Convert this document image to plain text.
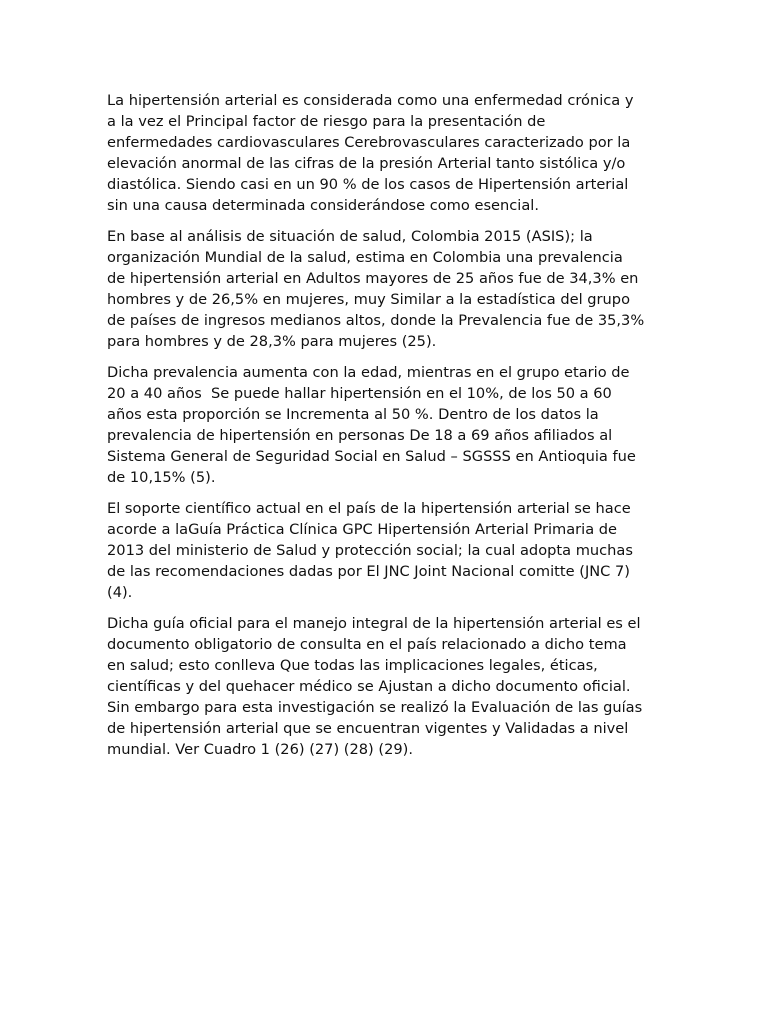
La hipertensión arterial es considerada como una enfermedad crónica y
a la vez el Principal factor de riesgo para la presentación de
enfermedades cardiovasculares Cerebrovasculares caracterizado por la
elevación anormal de las cifras de la presión Arterial tanto sistólica y/o
diastólica. Siendo casi en un 90 % de los casos de Hipertensión arterial
sin una causa determinada considerándose como esencial.

En base al análisis de situación de salud, Colombia 2015 (ASIS); la
organización Mundial de la salud, estima en Colombia una prevalencia
de hipertensión arterial en Adultos mayores de 25 años fue de 34,3% en
hombres y de 26,5% en mujeres, muy Similar a la estadística del grupo
de países de ingresos medianos altos, donde la Prevalencia fue de 35,3%
para hombres y de 28,3% para mujeres (25).

Dicha prevalencia aumenta con la edad, mientras en el grupo etario de
20 a 40 años  Se puede hallar hipertensión en el 10%, de los 50 a 60
años esta proporción se Incrementa al 50 %. Dentro de los datos la
prevalencia de hipertensión en personas De 18 a 69 años afiliados al
Sistema General de Seguridad Social en Salud – SGSSS en Antioquia fue
de 10,15% (5).

El soporte científico actual en el país de la hipertensión arterial se hace
acorde a laGuía Práctica Clínica GPC Hipertensión Arterial Primaria de
2013 del ministerio de Salud y protección social; la cual adopta muchas
de las recomendaciones dadas por El JNC Joint Nacional comitte (JNC 7)
(4).

Dicha guía oficial para el manejo integral de la hipertensión arterial es el
documento obligatorio de consulta en el país relacionado a dicho tema
en salud; esto conlleva Que todas las implicaciones legales, éticas,
científicas y del quehacer médico se Ajustan a dicho documento oficial.
Sin embargo para esta investigación se realizó la Evaluación de las guías
de hipertensión arterial que se encuentran vigentes y Validadas a nivel
mundial. Ver Cuadro 1 (26) (27) (28) (29).
